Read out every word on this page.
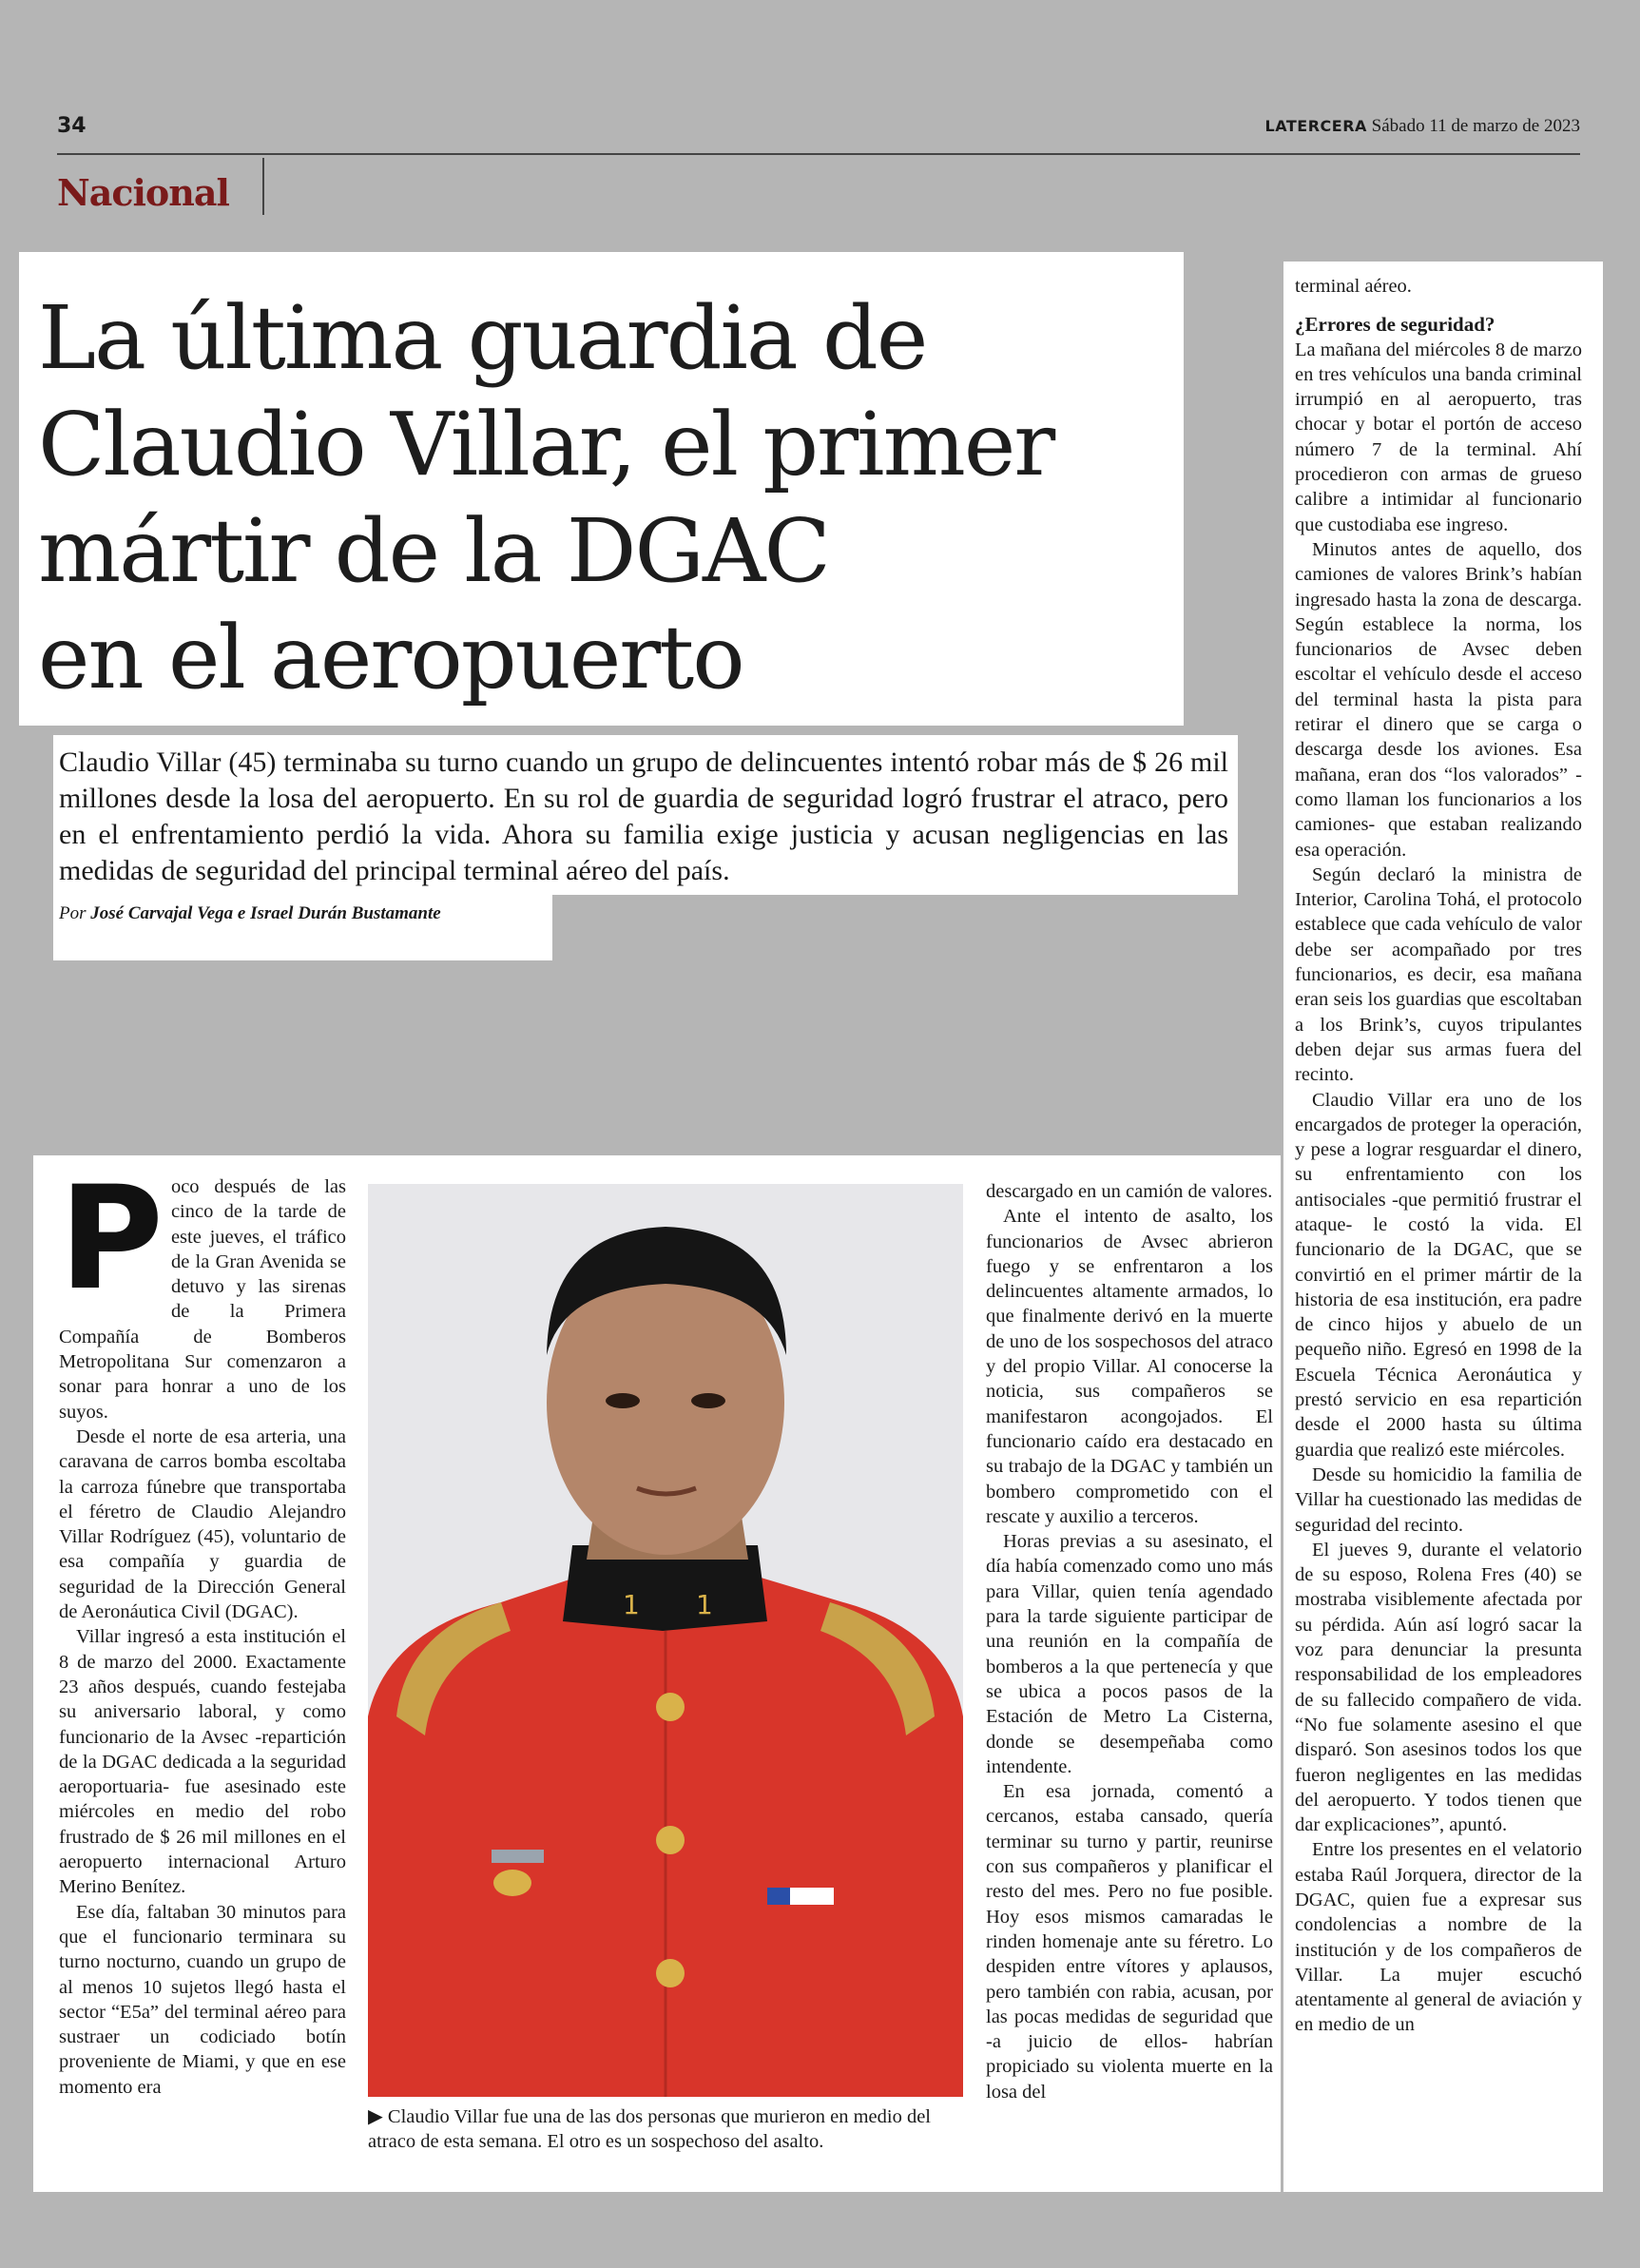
34	LATERCERA Sábado 11 de marzo de 2023
Nacional
La última guardia de
Claudio Villar, el primer
mártir de la DGAC
en el aeropuerto
Claudio Villar (45) terminaba su turno cuando un grupo de delincuentes intentó robar más de $ 26 mil millones desde la losa del aeropuerto. En su rol de guardia de seguridad logró frustrar el atraco, pero en el enfrentamiento perdió la vida. Ahora su familia exige justicia y acusan negligencias en las medidas de seguridad del principal terminal aéreo del país.
Por José Carvajal Vega e Israel Durán Bustamante
P oco después de las cinco de la tarde de este jueves, el tráfico de la Gran Avenida se detuvo y las sirenas de la Primera Compañía de Bomberos Metropolitana Sur comenzaron a sonar para honrar a uno de los suyos.

Desde el norte de esa arteria, una caravana de carros bomba escoltaba la carroza fúnebre que transportaba el féretro de Claudio Alejandro Villar Rodríguez (45), voluntario de esa compañía y guardia de seguridad de la Dirección General de Aeronáutica Civil (DGAC).

Villar ingresó a esta institución el 8 de marzo del 2000. Exactamente 23 años después, cuando festejaba su aniversario laboral, y como funcionario de la Avsec -repartición de la DGAC dedicada a la seguridad aeroportuaria- fue asesinado este miércoles en medio del robo frustrado de $ 26 mil millones en el aeropuerto internacional Arturo Merino Benítez.

Ese día, faltaban 30 minutos para que el funcionario terminara su turno nocturno, cuando un grupo de al menos 10 sujetos llegó hasta el sector “E5a” del terminal aéreo para sustraer un codiciado botín proveniente de Miami, y que en ese momento era

1 1
▶ Claudio Villar fue una de las dos personas que murieron en medio del atraco de esta semana. El otro es un sospechoso del asalto.

descargado en un camión de valores.

Ante el intento de asalto, los funcionarios de Avsec abrieron fuego y se enfrentaron a los delincuentes altamente armados, lo que finalmente derivó en la muerte de uno de los sospechosos del atraco y del propio Villar. Al conocerse la noticia, sus compañeros se manifestaron acongojados. El funcionario caído era destacado en su trabajo de la DGAC y también un bombero comprometido con el rescate y auxilio a terceros.

Horas previas a su asesinato, el día había comenzado como uno más para Villar, quien tenía agendado para la tarde siguiente participar de una reunión en la compañía de bomberos a la que pertenecía y que se ubica a pocos pasos de la Estación de Metro La Cisterna, donde se desempeñaba como intendente.

En esa jornada, comentó a cercanos, estaba cansado, quería terminar su turno y partir, reunirse con sus compañeros y planificar el resto del mes. Pero no fue posible. Hoy esos mismos camaradas le rinden homenaje ante su féretro. Lo despiden entre vítores y aplausos, pero también con rabia, acusan, por las pocas medidas de seguridad que -a juicio de ellos- habrían propiciado su violenta muerte en la losa del

terminal aéreo.

¿Errores de seguridad?

La mañana del miércoles 8 de marzo en tres vehículos una banda criminal irrumpió en al aeropuerto, tras chocar y botar el portón de acceso número 7 de la terminal. Ahí procedieron con armas de grueso calibre a intimidar al funcionario que custodiaba ese ingreso.

Minutos antes de aquello, dos camiones de valores Brink’s habían ingresado hasta la zona de descarga. Según establece la norma, los funcionarios de Avsec deben escoltar el vehículo desde el acceso del terminal hasta la pista para retirar el dinero que se carga o descarga desde los aviones. Esa mañana, eran dos “los valorados” -como llaman los funcionarios a los camiones- que estaban realizando esa operación.

Según declaró la ministra de Interior, Carolina Tohá, el protocolo establece que cada vehículo de valor debe ser acompañado por tres funcionarios, es decir, esa mañana eran seis los guardias que escoltaban a los Brink’s, cuyos tripulantes deben dejar sus armas fuera del recinto.

Claudio Villar era uno de los encargados de proteger la operación, y pese a lograr resguardar el dinero, su enfrentamiento con los antisociales -que permitió frustrar el ataque- le costó la vida. El funcionario de la DGAC, que se convirtió en el primer mártir de la historia de esa institución, era padre de cinco hijos y abuelo de un pequeño niño. Egresó en 1998 de la Escuela Técnica Aeronáutica y prestó servicio en esa repartición desde el 2000 hasta su última guardia que realizó este miércoles.

Desde su homicidio la familia de Villar ha cuestionado las medidas de seguridad del recinto.

El jueves 9, durante el velatorio de su esposo, Rolena Fres (40) se mostraba visiblemente afectada por su pérdida. Aún así logró sacar la voz para denunciar la presunta responsabilidad de los empleadores de su fallecido compañero de vida. “No fue solamente asesino el que disparó. Son asesinos todos los que fueron negligentes en las medidas del aeropuerto. Y todos tienen que dar explicaciones”, apuntó.

Entre los presentes en el velatorio estaba Raúl Jorquera, director de la DGAC, quien fue a expresar sus condolencias a nombre de la institución y de los compañeros de Villar. La mujer escuchó atentamente al general de aviación y en medio de un
